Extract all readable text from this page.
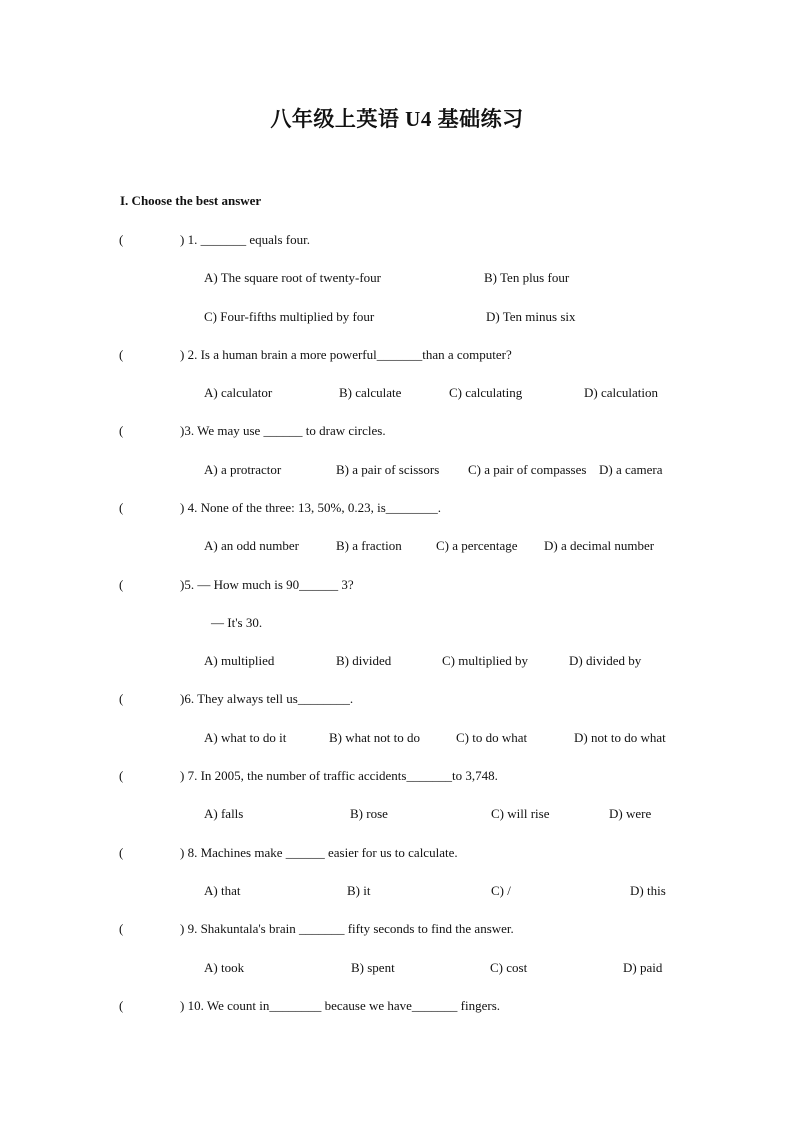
八年级上英语 U4 基础练习
I. Choose the best answer
(	) 1. _______ equals four.
A) The square root of twenty-four	B) Ten plus four
C) Four-fifths multiplied by four	D) Ten minus six
(	) 2. Is a human brain a more powerful_______than a computer?
A) calculator	B) calculate	C) calculating	D) calculation
(	)3. We may use ______ to draw circles.
A) a protractor	B) a pair of scissors C) a pair of compasses D) a camera
(	) 4. None of the three: 13, 50%, 0.23, is________.
A) an odd number	B) a fraction	C) a percentage D) a decimal number
(	)5. — How much is 90______ 3?
— It's 30.
A) multiplied	B) divided	C) multiplied by	D) divided by
(	)6. They always tell us________.
A) what to do it	B) what not to do	C) to do what	D) not to do what
(	) 7. In 2005, the number of traffic accidents_______to 3,748.
A) falls	B) rose	C) will rise	D) were
(	) 8. Machines make ______ easier for us to calculate.
A) that	B) it	C) /	D) this
(	) 9. Shakuntala's brain _______ fifty seconds to find the answer.
A) took	B) spent	C) cost	D) paid
(	) 10. We count in________ because we have_______ fingers.
